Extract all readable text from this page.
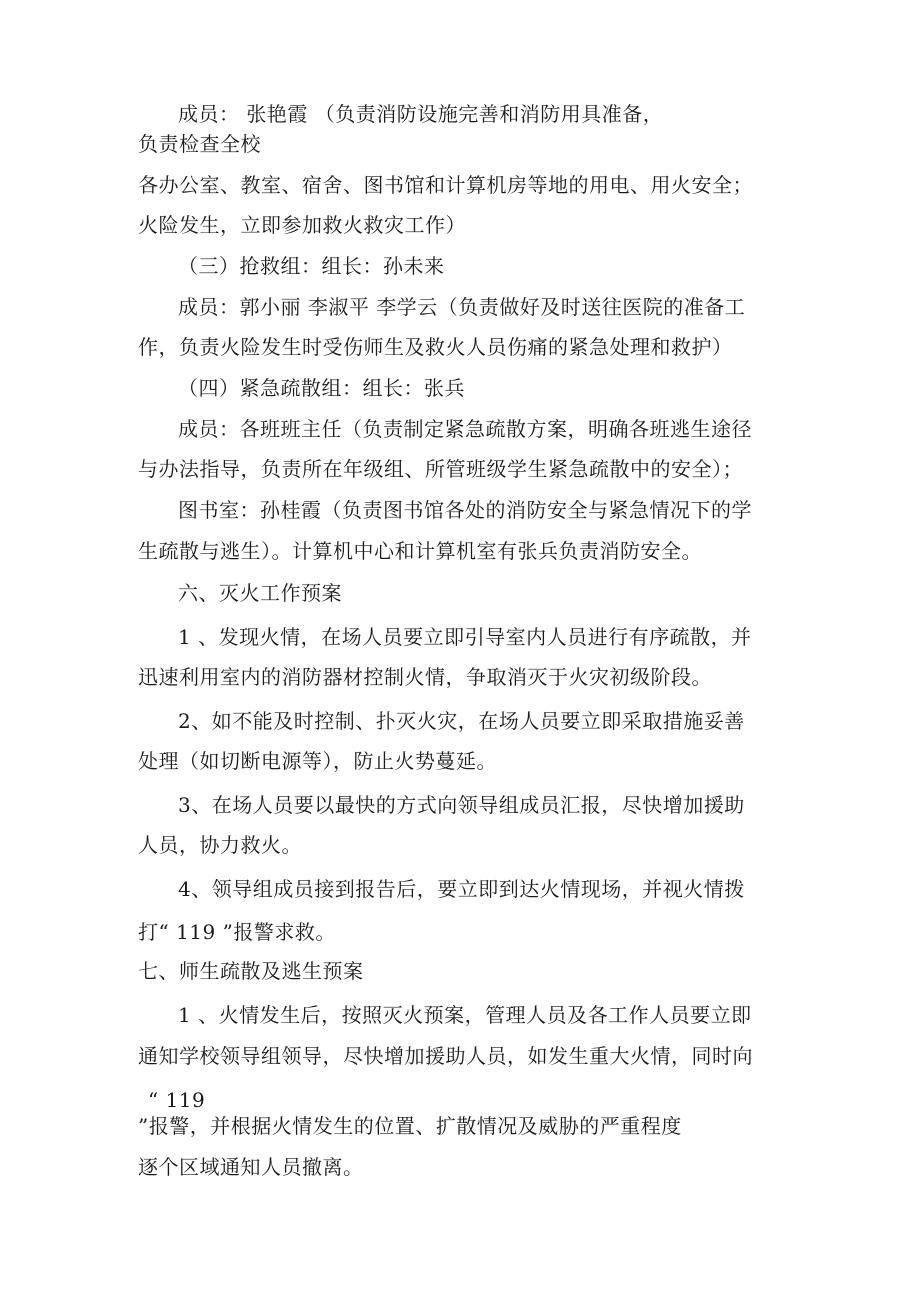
成员： 张艳霞 （负责消防设施完善和消防用具准备，

负责检查全校

各办公室、教室、宿舍、图书馆和计算机房等地的用电、用火安全；

火险发生，立即参加救火救灾工作）

（三）抢救组：组长：孙未来

成员：郭小丽 李淑平 李学云（负责做好及时送往医院的准备工

作，负责火险发生时受伤师生及救火人员伤痛的紧急处理和救护）

（四）紧急疏散组：组长：张兵

成员：各班班主任（负责制定紧急疏散方案，明确各班逃生途径

与办法指导，负责所在年级组、所管班级学生紧急疏散中的安全）；

图书室：孙桂霞（负责图书馆各处的消防安全与紧急情况下的学

生疏散与逃生）。计算机中心和计算机室有张兵负责消防安全。

六、灭火工作预案

1 、发现火情，在场人员要立即引导室内人员进行有序疏散，并

迅速利用室内的消防器材控制火情，争取消灭于火灾初级阶段。

2、如不能及时控制、扑灭火灾，在场人员要立即采取措施妥善

处理（如切断电源等），防止火势蔓延。

3、在场人员要以最快的方式向领导组成员汇报，尽快增加援助

人员，协力救火。

4、领导组成员接到报告后，要立即到达火情现场，并视火情拨

打“ 119 ”报警求救。

七、师生疏散及逃生预案

1 、火情发生后，按照灭火预案，管理人员及各工作人员要立即

通知学校领导组领导，尽快增加援助人员，如发生重大火情，同时向

“ 119

”报警，并根据火情发生的位置、扩散情况及威胁的严重程度

逐个区域通知人员撤离。
